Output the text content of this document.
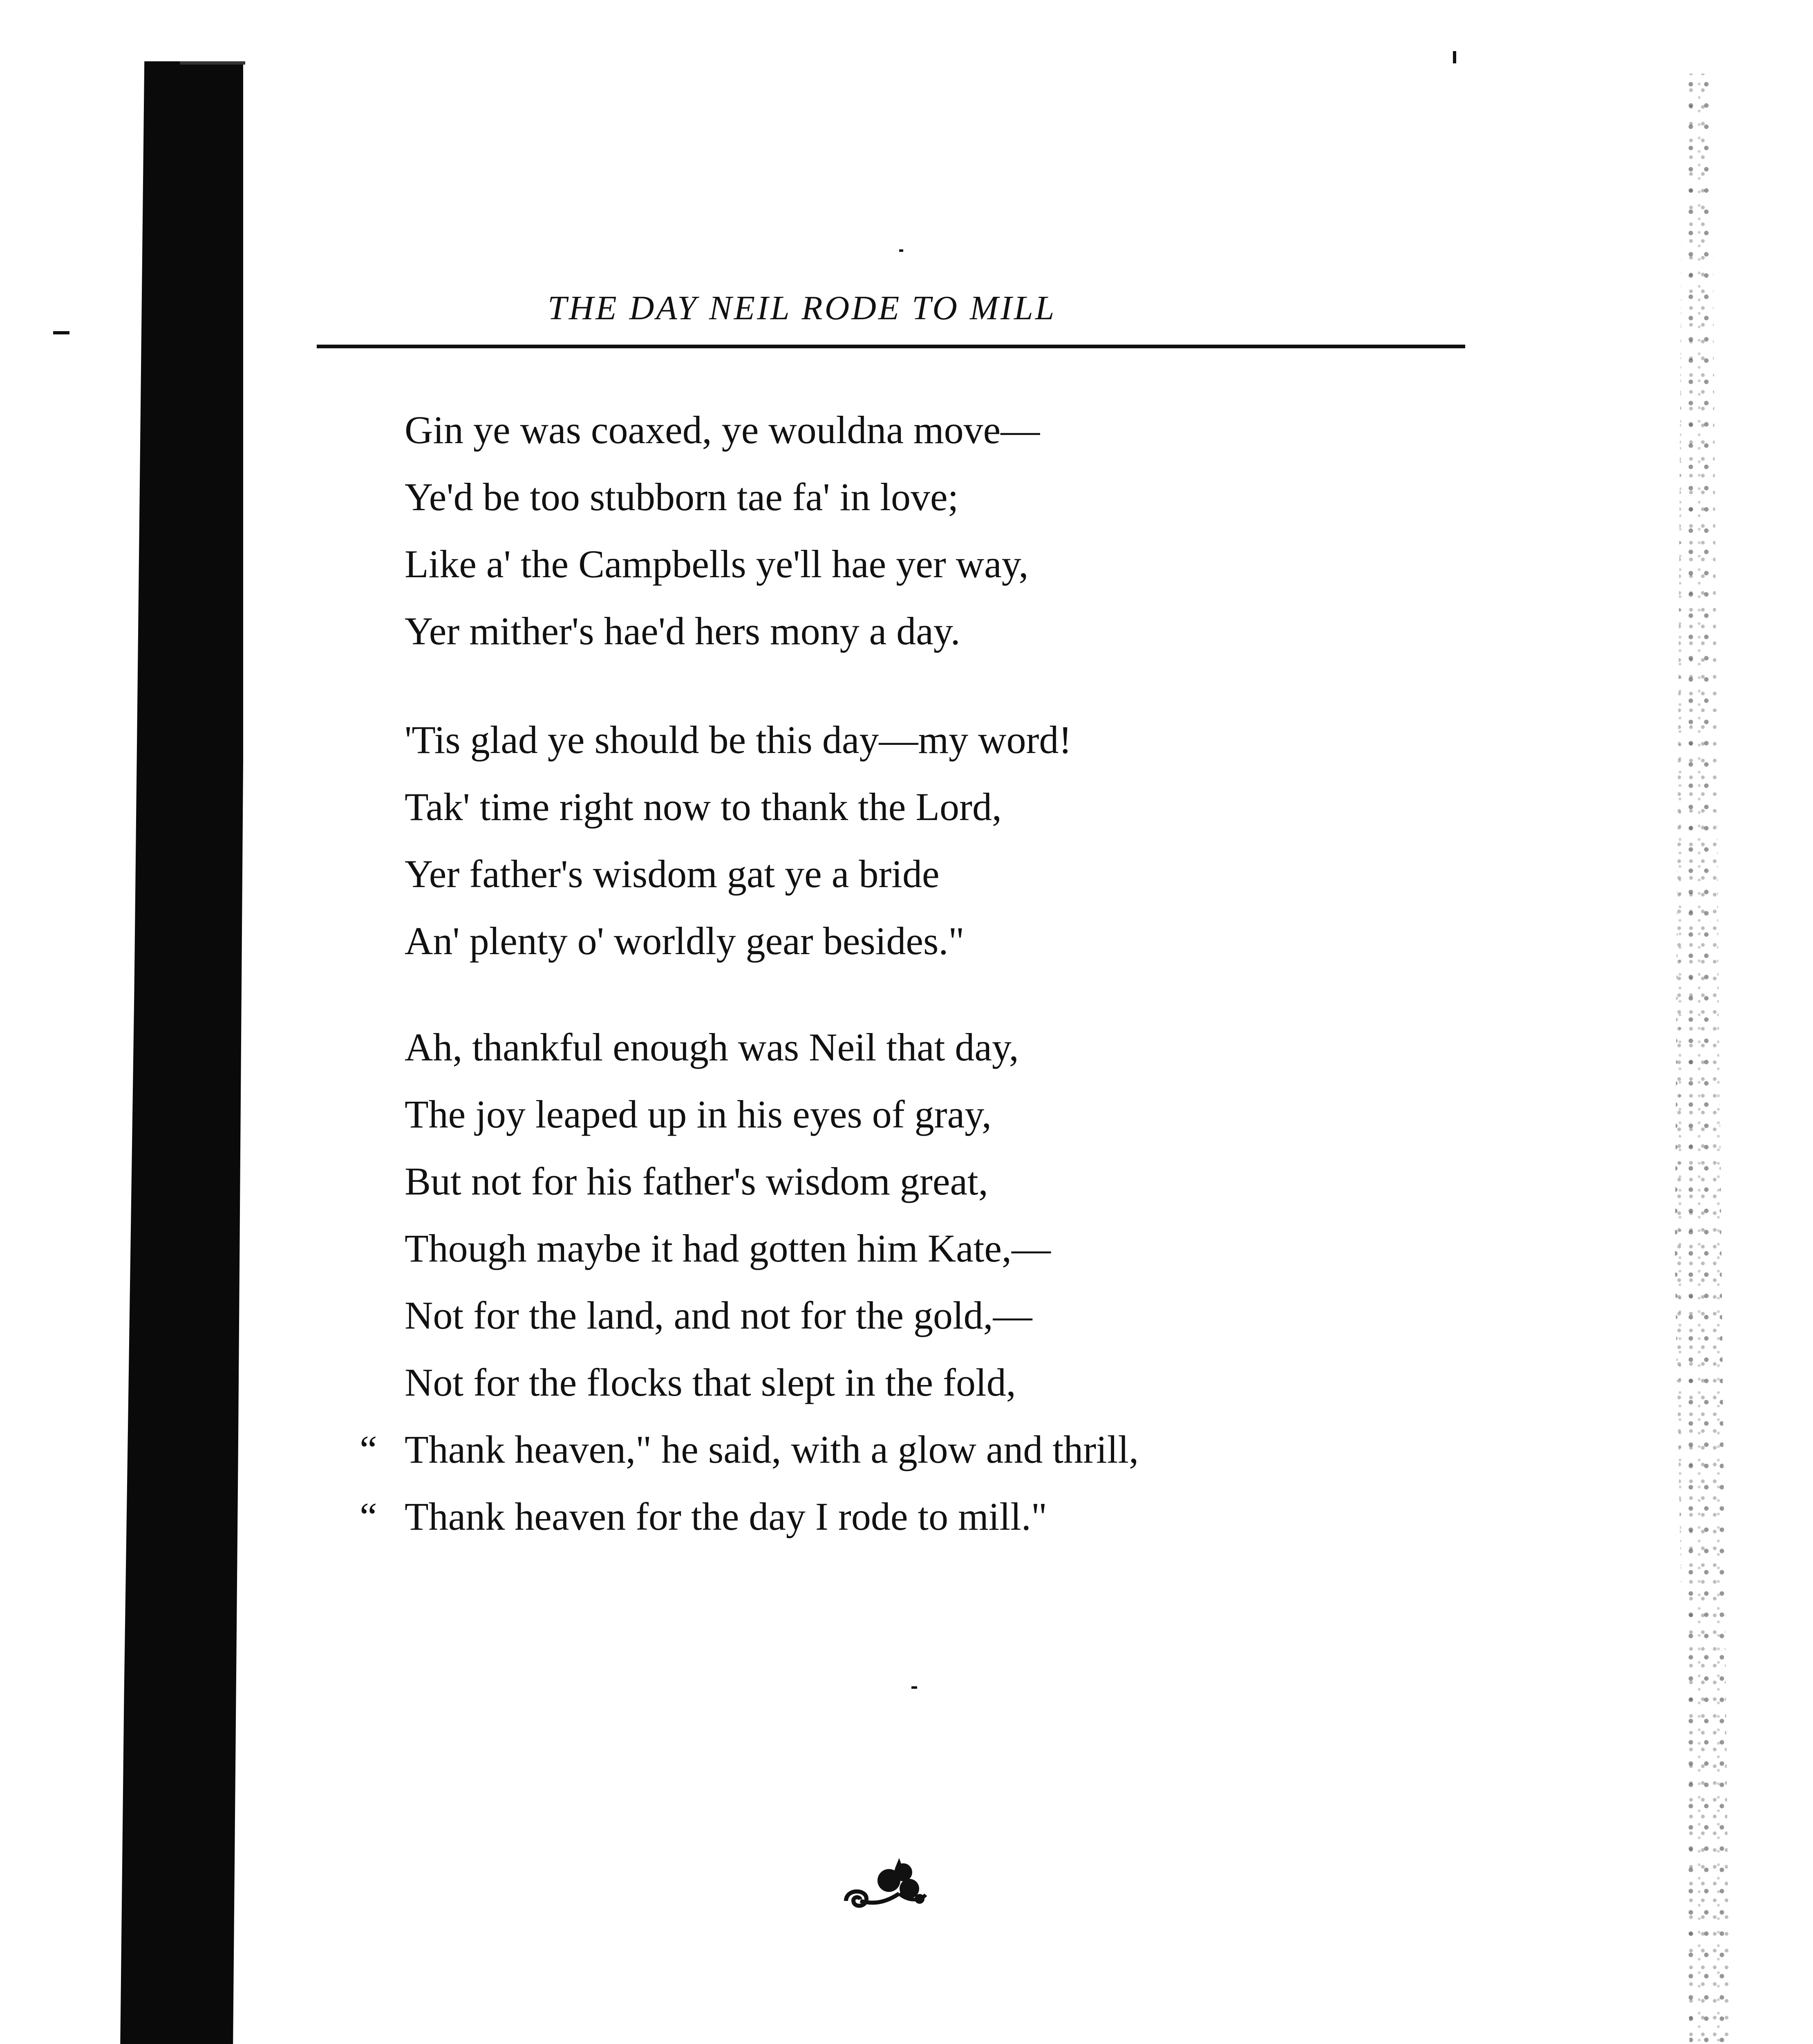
THE DAY NEIL RODE TO MILL
Gin ye was coaxed, ye wouldna move—
Ye'd be too stubborn tae fa' in love;
Like a' the Campbells ye'll hae yer way,
Yer mither's hae'd hers mony a day.
'Tis glad ye should be this day—my word!
Tak' time right now to thank the Lord,
Yer father's wisdom gat ye a bride
An' plenty o' worldly gear besides."
Ah, thankful enough was Neil that day,
The joy leaped up in his eyes of gray,
But not for his father's wisdom great,
Though maybe it had gotten him Kate,—
Not for the land, and not for the gold,—
Not for the flocks that slept in the fold,
“ Thank heaven," he said, with a glow and thrill,
“ Thank heaven for the day I rode to mill."
